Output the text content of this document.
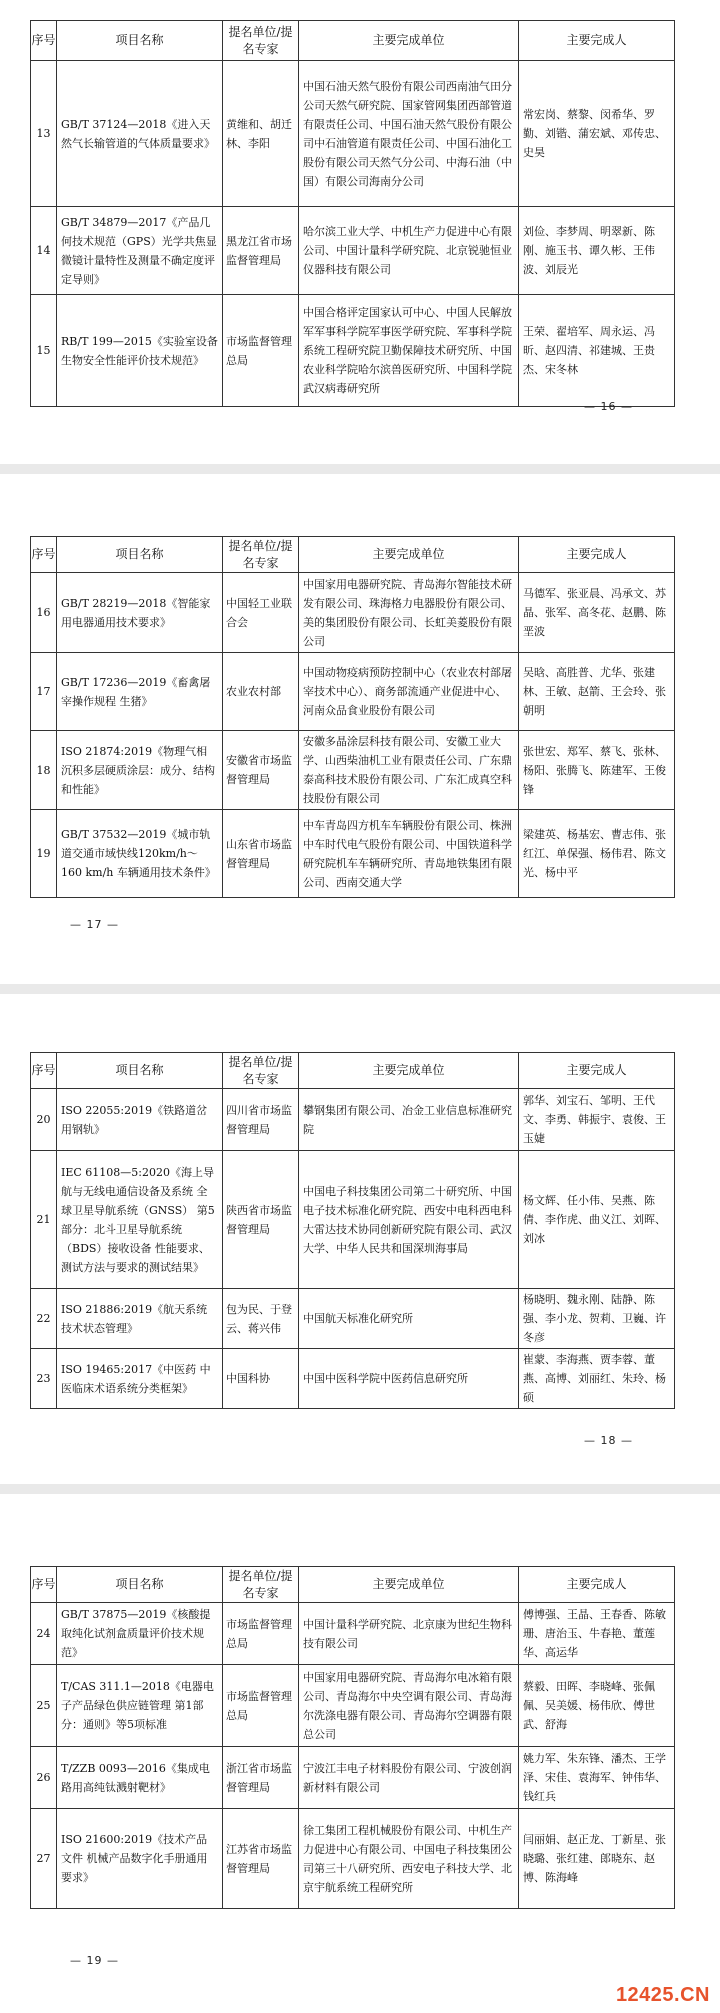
序号	项目名称	提名单位/提名专家	主要完成单位	主要完成人
13	GB/T 37124—2018《进入天然气长输管道的气体质量要求》	黄维和、胡迁林、李阳	中国石油天然气股份有限公司西南油气田分公司天然气研究院、国家管网集团西部管道有限责任公司、中国石油天然气股份有限公司中石油管道有限责任公司、中国石油化工股份有限公司天然气分公司、中海石油（中国）有限公司海南分公司	常宏岗、蔡黎、闵希华、罗勤、刘锴、蒲宏斌、邓传忠、史昊
14	GB/T 34879—2017《产品几何技术规范（GPS）光学共焦显微镜计量特性及测量不确定度评定导则》	黑龙江省市场监督管理局	哈尔滨工业大学、中机生产力促进中心有限公司、中国计量科学研究院、北京锐驰恒业仪器科技有限公司	刘俭、李梦周、明翠新、陈刚、施玉书、谭久彬、王伟波、刘辰光
15	RB/T 199—2015《实验室设备生物安全性能评价技术规范》	市场监督管理总局	中国合格评定国家认可中心、中国人民解放军军事科学院军事医学研究院、军事科学院系统工程研究院卫勤保障技术研究所、中国农业科学院哈尔滨兽医研究所、中国科学院武汉病毒研究所	王荣、翟培军、周永运、冯昕、赵四清、祁建城、王贵杰、宋冬林
— 16 —
序号	项目名称	提名单位/提名专家	主要完成单位	主要完成人
16	GB/T 28219—2018《智能家用电器通用技术要求》	中国轻工业联合会	中国家用电器研究院、青岛海尔智能技术研发有限公司、珠海格力电器股份有限公司、美的集团股份有限公司、长虹美菱股份有限公司	马德军、张亚晨、冯承文、苏晶、张军、高冬花、赵鹏、陈垩波
17	GB/T 17236—2019《畜禽屠宰操作规程 生猪》	农业农村部	中国动物疫病预防控制中心（农业农村部屠宰技术中心）、商务部流通产业促进中心、河南众品食业股份有限公司	吴晗、高胜普、尤华、张建林、王敏、赵箭、王会玲、张朝明
18	ISO 21874:2019《物理气相沉积多层硬质涂层：成分、结构和性能》	安徽省市场监督管理局	安徽多晶涂层科技有限公司、安徽工业大学、山西柴油机工业有限责任公司、广东鼎泰高科技术股份有限公司、广东汇成真空科技股份有限公司	张世宏、郑军、蔡飞、张林、杨阳、张腾飞、陈建军、王俊锋
19	GB/T 37532—2019《城市轨道交通市域快线120km/h～160 km/h 车辆通用技术条件》	山东省市场监督管理局	中车青岛四方机车车辆股份有限公司、株洲中车时代电气股份有限公司、中国铁道科学研究院机车车辆研究所、青岛地铁集团有限公司、西南交通大学	梁建英、杨基宏、曹志伟、张红江、单保强、杨伟君、陈文光、杨中平
— 17 —
序号	项目名称	提名单位/提名专家	主要完成单位	主要完成人
20	ISO 22055:2019《铁路道岔用钢轨》	四川省市场监督管理局	攀钢集团有限公司、冶金工业信息标准研究院	郭华、刘宝石、邹明、王代文、李勇、韩振宇、袁俊、王玉婕
21	IEC 61108—5:2020《海上导航与无线电通信设备及系统 全球卫星导航系统（GNSS） 第5部分：北斗卫星导航系统（BDS）接收设备 性能要求、测试方法与要求的测试结果》	陕西省市场监督管理局	中国电子科技集团公司第二十研究所、中国电子技术标准化研究院、西安中电科西电科大雷达技术协同创新研究院有限公司、武汉大学、中华人民共和国深圳海事局	杨文辉、任小伟、吴燕、陈倩、李作虎、曲义江、刘晖、刘冰
22	ISO 21886:2019《航天系统 技术状态管理》	包为民、于登云、蒋兴伟	中国航天标准化研究所	杨晓明、魏永刚、陆静、陈强、李小龙、贺莉、卫巍、许冬彦
23	ISO 19465:2017《中医药 中医临床术语系统分类框架》	中国科协	中国中医科学院中医药信息研究所	崔蒙、李海燕、贾李蓉、董燕、高博、刘丽红、朱玲、杨硕
— 18 —
序号	项目名称	提名单位/提名专家	主要完成单位	主要完成人
24	GB/T 37875—2019《核酸提取纯化试剂盒质量评价技术规范》	市场监督管理总局	中国计量科学研究院、北京康为世纪生物科技有限公司	傅博强、王晶、王春香、陈敏珊、唐治玉、牛春艳、董莲华、高运华
25	T/CAS 311.1—2018《电器电子产品绿色供应链管理 第1部分：通则》等5项标准	市场监督管理总局	中国家用电器研究院、青岛海尔电冰箱有限公司、青岛海尔中央空调有限公司、青岛海尔洗涤电器有限公司、青岛海尔空调器有限总公司	蔡毅、田晖、李晓峰、张佩佩、吴美媛、杨伟欣、傅世武、舒海
26	T/ZZB 0093—2016《集成电路用高纯钛溅射靶材》	浙江省市场监督管理局	宁波江丰电子材料股份有限公司、宁波创润新材料有限公司	姚力军、朱东锋、潘杰、王学泽、宋佳、袁海军、钟伟华、钱红兵
27	ISO 21600:2019《技术产品文件 机械产品数字化手册通用要求》	江苏省市场监督管理局	徐工集团工程机械股份有限公司、中机生产力促进中心有限公司、中国电子科技集团公司第三十八研究所、西安电子科技大学、北京宇航系统工程研究所	闫丽娟、赵正龙、丁新星、张晓璐、张红建、郎晓东、赵博、陈海峰
— 19 —
12425.CN
